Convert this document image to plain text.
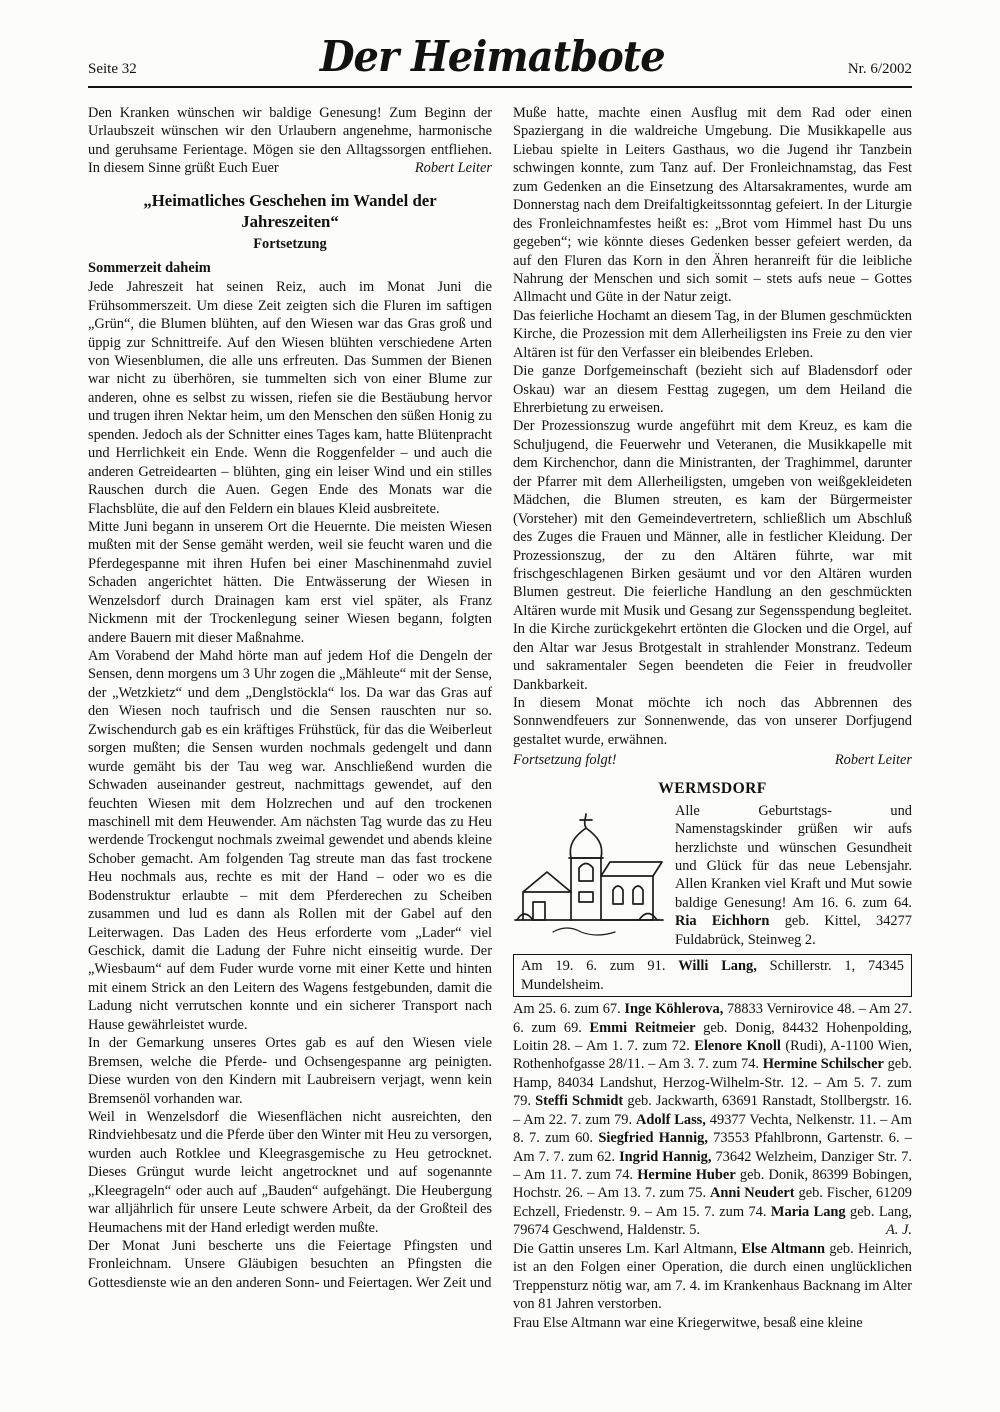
Seite 32	Der Heimatbote	Nr. 6/2002
Den Kranken wünschen wir baldige Genesung! Zum Beginn der Urlaubszeit wünschen wir den Urlaubern angenehme, harmonische und geruhsame Ferientage. Mögen sie den Alltagssorgen entfliehen. In diesem Sinne grüßt Euch Euer	Robert Leiter
„Heimatliches Geschehen im Wandel der Jahreszeiten“
Fortsetzung
Sommerzeit daheim

Jede Jahreszeit hat seinen Reiz, auch im Monat Juni die Frühsommerszeit. Um diese Zeit zeigten sich die Fluren im saftigen „Grün“, die Blumen blühten, auf den Wiesen war das Gras groß und üppig zur Schnittreife. Auf den Wiesen blühten verschiedene Arten von Wiesenblumen, die alle uns erfreuten. Das Summen der Bienen war nicht zu überhören, sie tummelten sich von einer Blume zur anderen, ohne es selbst zu wissen, riefen sie die Bestäubung hervor und trugen ihren Nektar heim, um den Menschen den süßen Honig zu spenden. Jedoch als der Schnitter eines Tages kam, hatte Blütenpracht und Herrlichkeit ein Ende. Wenn die Roggenfelder – und auch die anderen Getreidearten – blühten, ging ein leiser Wind und ein stilles Rauschen durch die Auen. Gegen Ende des Monats war die Flachsblüte, die auf den Feldern ein blaues Kleid ausbreitete.

Mitte Juni begann in unserem Ort die Heuernte. Die meisten Wiesen mußten mit der Sense gemäht werden, weil sie feucht waren und die Pferdegespanne mit ihren Hufen bei einer Maschinenmahd zuviel Schaden angerichtet hätten. Die Entwässerung der Wiesen in Wenzelsdorf durch Drainagen kam erst viel später, als Franz Nickmenn mit der Trockenlegung seiner Wiesen begann, folgten andere Bauern mit dieser Maßnahme.

Am Vorabend der Mahd hörte man auf jedem Hof die Dengeln der Sensen, denn morgens um 3 Uhr zogen die „Mähleute“ mit der Sense, der „Wetzkietz“ und dem „Denglstöckla“ los. Da war das Gras auf den Wiesen noch taufrisch und die Sensen rauschten nur so. Zwischendurch gab es ein kräftiges Frühstück, für das die Weiberleut sorgen mußten; die Sensen wurden nochmals gedengelt und dann wurde gemäht bis der Tau weg war. Anschließend wurden die Schwaden auseinander gestreut, nachmittags gewendet, auf den feuchten Wiesen mit dem Holzrechen und auf den trockenen maschinell mit dem Heuwender. Am nächsten Tag wurde das zu Heu werdende Trockengut nochmals zweimal gewendet und abends kleine Schober gemacht. Am folgenden Tag streute man das fast trockene Heu nochmals aus, rechte es mit der Hand – oder wo es die Bodenstruktur erlaubte – mit dem Pferderechen zu Scheiben zusammen und lud es dann als Rollen mit der Gabel auf den Leiterwagen. Das Laden des Heus erforderte vom „Lader“ viel Geschick, damit die Ladung der Fuhre nicht einseitig wurde. Der „Wiesbaum“ auf dem Fuder wurde vorne mit einer Kette und hinten mit einem Strick an den Leitern des Wagens festgebunden, damit die Ladung nicht verrutschen konnte und ein sicherer Transport nach Hause gewährleistet wurde.

In der Gemarkung unseres Ortes gab es auf den Wiesen viele Bremsen, welche die Pferde- und Ochsengespanne arg peinigten. Diese wurden von den Kindern mit Laubreisern verjagt, wenn kein Bremsenöl vorhanden war.

Weil in Wenzelsdorf die Wiesenflächen nicht ausreichten, den Rindviehbesatz und die Pferde über den Winter mit Heu zu versorgen, wurden auch Rotklee und Kleegrasgemische zu Heu getrocknet. Dieses Grüngut wurde leicht angetrocknet und auf sogenannte „Kleegrageln“ oder auch auf „Bauden“ aufgehängt. Die Heubergung war alljährlich für unsere Leute schwere Arbeit, da der Großteil des Heumachens mit der Hand erledigt werden mußte.

Der Monat Juni bescherte uns die Feiertage Pfingsten und Fronleichnam. Unsere Gläubigen besuchten an Pfingsten die Gottesdienste wie an den anderen Sonn- und Feiertagen. Wer Zeit und

Muße hatte, machte einen Ausflug mit dem Rad oder einen Spaziergang in die waldreiche Umgebung. Die Musikkapelle aus Liebau spielte in Leiters Gasthaus, wo die Jugend ihr Tanzbein schwingen konnte, zum Tanz auf. Der Fronleichnamstag, das Fest zum Gedenken an die Einsetzung des Altarsakramentes, wurde am Donnerstag nach dem Dreifaltigkeitssonntag gefeiert. In der Liturgie des Fronleichnamfestes heißt es: „Brot vom Himmel hast Du uns gegeben“; wie könnte dieses Gedenken besser gefeiert werden, da auf den Fluren das Korn in den Ähren heranreift für die leibliche Nahrung der Menschen und sich somit – stets aufs neue – Gottes Allmacht und Güte in der Natur zeigt.

Das feierliche Hochamt an diesem Tag, in der Blumen geschmückten Kirche, die Prozession mit dem Allerheiligsten ins Freie zu den vier Altären ist für den Verfasser ein bleibendes Erleben.

Die ganze Dorfgemeinschaft (bezieht sich auf Bladensdorf oder Oskau) war an diesem Festtag zugegen, um dem Heiland die Ehrerbietung zu erweisen.

Der Prozessionszug wurde angeführt mit dem Kreuz, es kam die Schuljugend, die Feuerwehr und Veteranen, die Musikkapelle mit dem Kirchenchor, dann die Ministranten, der Traghimmel, darunter der Pfarrer mit dem Allerheiligsten, umgeben von weißgekleideten Mädchen, die Blumen streuten, es kam der Bürgermeister (Vorsteher) mit den Gemeindevertretern, schließlich um Abschluß des Zuges die Frauen und Männer, alle in festlicher Kleidung. Der Prozessionszug, der zu den Altären führte, war mit frischgeschlagenen Birken gesäumt und vor den Altären wurden Blumen gestreut. Die feierliche Handlung an den geschmückten Altären wurde mit Musik und Gesang zur Segensspendung begleitet. In die Kirche zurückgekehrt ertönten die Glocken und die Orgel, auf den Altar war Jesus Brotgestalt in strahlender Monstranz. Tedeum und sakramentaler Segen beendeten die Feier in freudvoller Dankbarkeit.

In diesem Monat möchte ich noch das Abbrennen des Sonnwendfeuers zur Sonnenwende, das von unserer Dorfjugend gestaltet wurde, erwähnen.

Fortsetzung folgt!	Robert Leiter
WERMSDORF

Alle Geburtstags- und Namenstagskinder grüßen wir aufs herzlichste und wünschen Gesundheit und Glück für das neue Lebensjahr. Allen Kranken viel Kraft und Mut sowie baldige Genesung! Am 16. 6. zum 64. Ria Eichhorn geb. Kittel, 34277 Fuldabrück, Steinweg 2.

Am 19. 6. zum 91. Willi Lang, Schillerstr. 1, 74345 Mundelsheim.
Am 25. 6. zum 67. Inge Köhlerova, 78833 Vernirovice 48. – Am 27. 6. zum 69. Emmi Reitmeier geb. Donig, 84432 Hohenpolding, Loitin 28. – Am 1. 7. zum 72. Elenore Knoll (Rudi), A-1100 Wien, Rothenhofgasse 28/11. – Am 3. 7. zum 74. Hermine Schilscher geb. Hamp, 84034 Landshut, Herzog-Wilhelm-Str. 12. – Am 5. 7. zum 79. Steffi Schmidt geb. Jackwarth, 63691 Ranstadt, Stollbergstr. 16. – Am 22. 7. zum 79. Adolf Lass, 49377 Vechta, Nelkenstr. 11. – Am 8. 7. zum 60. Siegfried Hannig, 73553 Pfahlbronn, Gartenstr. 6. – Am 7. 7. zum 62. Ingrid Hannig, 73642 Welzheim, Danziger Str. 7. – Am 11. 7. zum 74. Hermine Huber geb. Donik, 86399 Bobingen, Hochstr. 26. – Am 13. 7. zum 75. Anni Neudert geb. Fischer, 61209 Echzell, Friedenstr. 9. – Am 15. 7. zum 74. Maria Lang geb. Lang, 79674 Geschwend, Haldenstr. 5.	A. J.

Die Gattin unseres Lm. Karl Altmann, Else Altmann geb. Heinrich, ist an den Folgen einer Operation, die durch einen unglücklichen Treppensturz nötig war, am 7. 4. im Krankenhaus Backnang im Alter von 81 Jahren verstorben.

Frau Else Altmann war eine Kriegerwitwe, besaß eine kleine
